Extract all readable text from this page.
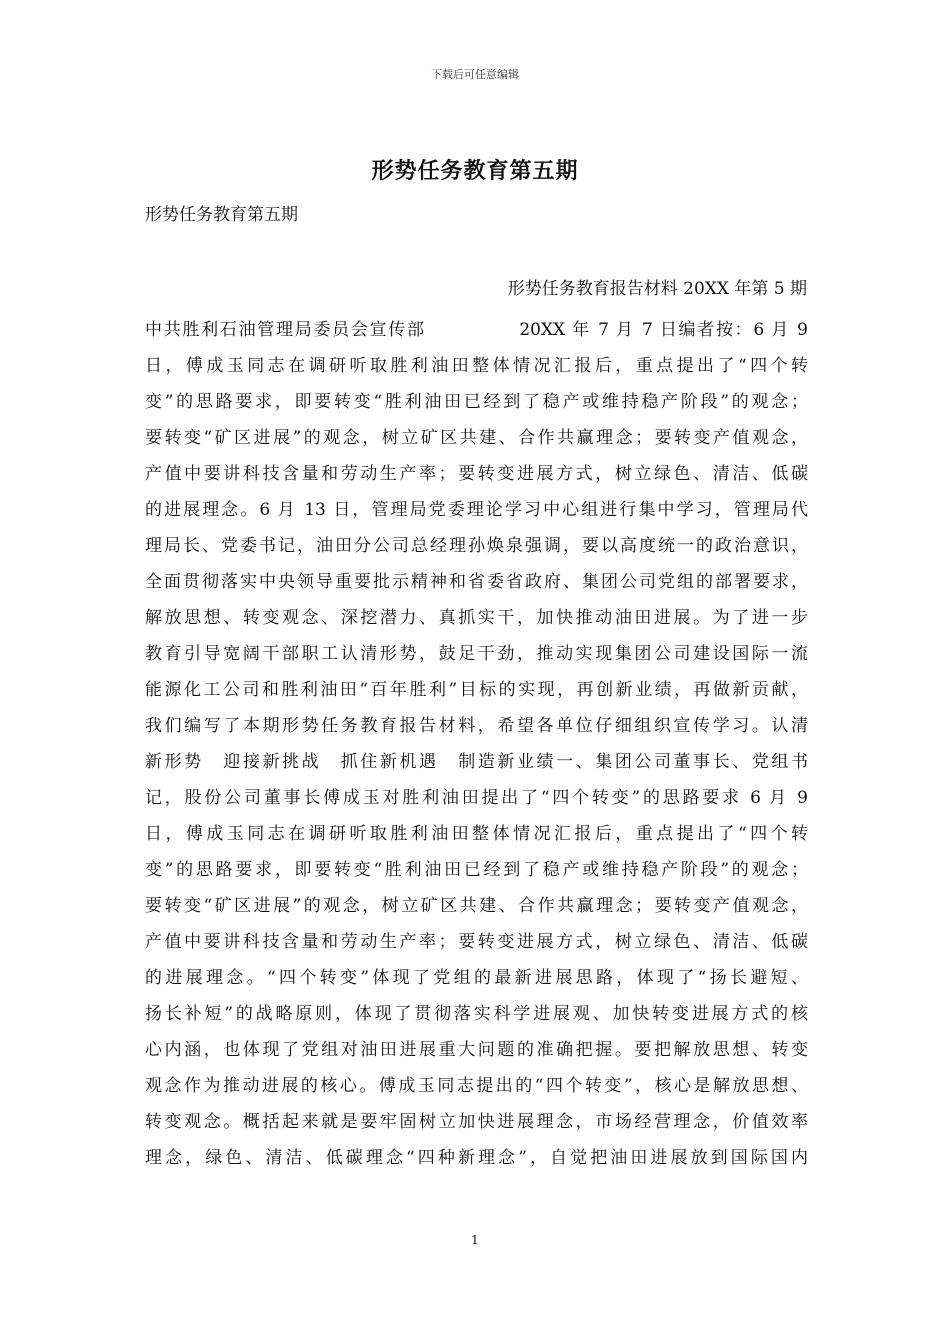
下载后可任意编辑
形势任务教育第五期
形势任务教育第五期
形势任务教育报告材料 20XX 年第 5 期
中共胜利石油管理局委员会宣传部　　　　　20XX 年 7 月 7 日编者按：6 月 9
日，傅成玉同志在调研听取胜利油田整体情况汇报后，重点提出了“四个转
变”的思路要求，即要转变“胜利油田已经到了稳产或维持稳产阶段”的观念；
要转变“矿区进展”的观念，树立矿区共建、合作共赢理念；要转变产值观念，
产值中要讲科技含量和劳动生产率；要转变进展方式，树立绿色、清洁、低碳
的进展理念。6 月 13 日，管理局党委理论学习中心组进行集中学习，管理局代
理局长、党委书记，油田分公司总经理孙焕泉强调，要以高度统一的政治意识，
全面贯彻落实中央领导重要批示精神和省委省政府、集团公司党组的部署要求，
解放思想、转变观念、深挖潜力、真抓实干，加快推动油田进展。为了进一步
教育引导宽阔干部职工认清形势，鼓足干劲，推动实现集团公司建设国际一流
能源化工公司和胜利油田“百年胜利”目标的实现，再创新业绩，再做新贡献，
我们编写了本期形势任务教育报告材料，希望各单位仔细组织宣传学习。认清
新形势　迎接新挑战　抓住新机遇　制造新业绩一、集团公司董事长、党组书
记，股份公司董事长傅成玉对胜利油田提出了“四个转变”的思路要求 6 月 9
日，傅成玉同志在调研听取胜利油田整体情况汇报后，重点提出了“四个转
变”的思路要求，即要转变“胜利油田已经到了稳产或维持稳产阶段”的观念；
要转变“矿区进展”的观念，树立矿区共建、合作共赢理念；要转变产值观念，
产值中要讲科技含量和劳动生产率；要转变进展方式，树立绿色、清洁、低碳
的进展理念。“四个转变”体现了党组的最新进展思路，体现了“扬长避短、
扬长补短”的战略原则，体现了贯彻落实科学进展观、加快转变进展方式的核
心内涵，也体现了党组对油田进展重大问题的准确把握。要把解放思想、转变
观念作为推动进展的核心。傅成玉同志提出的“四个转变”，核心是解放思想、
转变观念。概括起来就是要牢固树立加快进展理念，市场经营理念，价值效率
理念，绿色、清洁、低碳理念“四种新理念”，自觉把油田进展放到国际国内
1
